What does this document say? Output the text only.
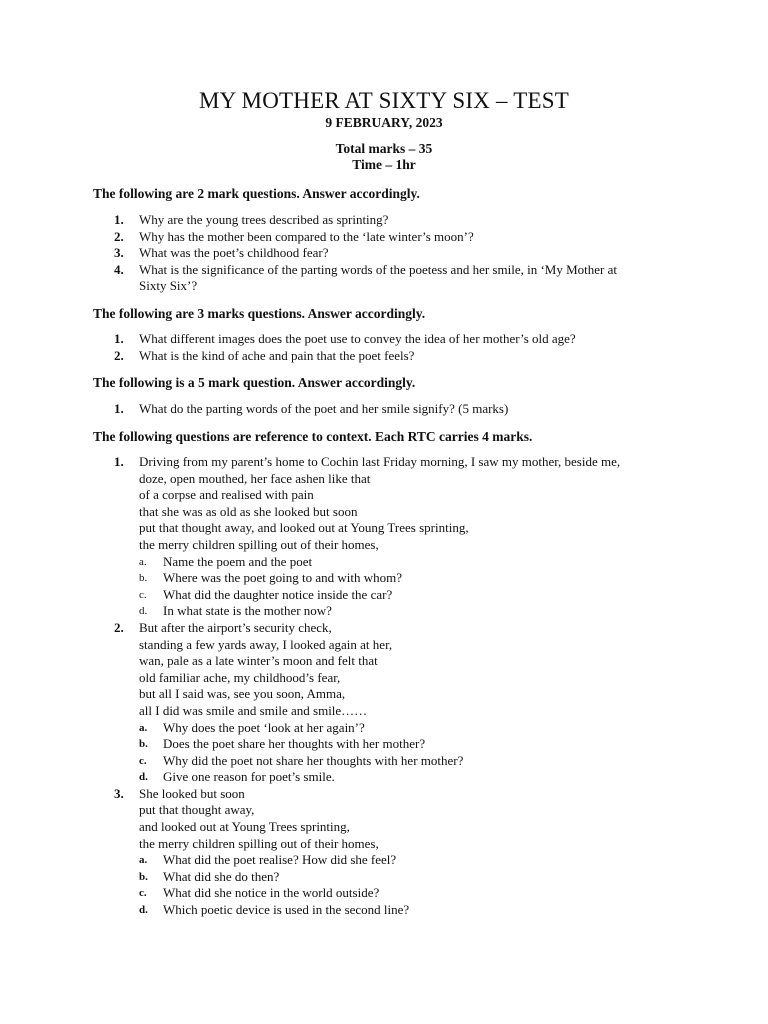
MY MOTHER AT SIXTY SIX – TEST
9 FEBRUARY, 2023
Total marks – 35
Time – 1hr
The following are 2 mark questions. Answer accordingly.
1. Why are the young trees described as sprinting?
2. Why has the mother been compared to the ‘late winter’s moon’?
3. What was the poet’s childhood fear?
4. What is the significance of the parting words of the poetess and her smile, in ‘My Mother at
Sixty Six’?
The following are 3 marks questions. Answer accordingly.
1. What different images does the poet use to convey the idea of her mother’s old age?
2. What is the kind of ache and pain that the poet feels?
The following is a 5 mark question. Answer accordingly.
1. What do the parting words of the poet and her smile signify? (5 marks)
The following questions are reference to context. Each RTC carries 4 marks.
1. Driving from my parent’s home to Cochin last Friday morning, I saw my mother, beside me,
doze, open mouthed, her face ashen like that
of a corpse and realised with pain
that she was as old as she looked but soon
put that thought away, and looked out at Young Trees sprinting,
the merry children spilling out of their homes,
a. Name the poem and the poet
b. Where was the poet going to and with whom?
c. What did the daughter notice inside the car?
d. In what state is the mother now?
2. But after the airport’s security check,
standing a few yards away, I looked again at her,
wan, pale as a late winter’s moon and felt that
old familiar ache, my childhood’s fear,
but all I said was, see you soon, Amma,
all I did was smile and smile and smile……
a. Why does the poet ‘look at her again’?
b. Does the poet share her thoughts with her mother?
c. Why did the poet not share her thoughts with her mother?
d. Give one reason for poet’s smile.
3. She looked but soon
put that thought away,
and looked out at Young Trees sprinting,
the merry children spilling out of their homes,
a. What did the poet realise? How did she feel?
b. What did she do then?
c. What did she notice in the world outside?
d. Which poetic device is used in the second line?
